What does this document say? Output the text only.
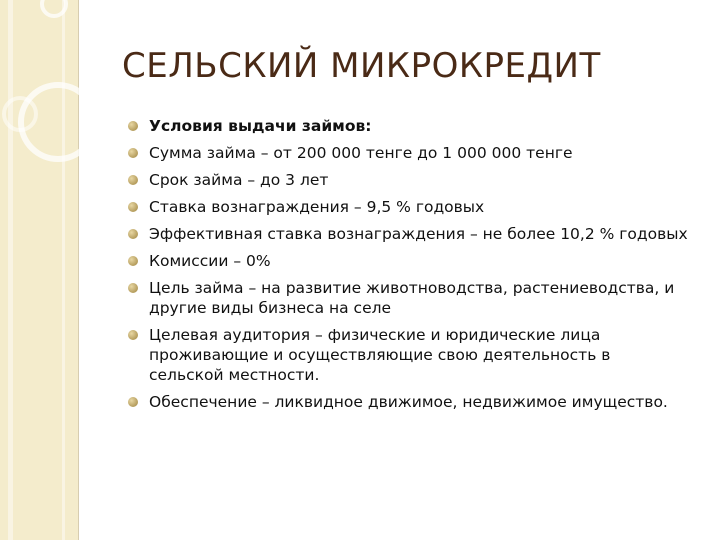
СЕЛЬСКИЙ МИКРОКРЕДИТ
Условия выдачи займов:
Сумма займа – от 200 000 тенге до 1 000 000 тенге
Срок займа – до 3 лет
Ставка вознаграждения – 9,5 % годовых
Эффективная ставка вознаграждения – не более 10,2 % годовых
Комиссии – 0%
Цель займа – на развитие животноводства, растениеводства, и другие виды бизнеса на селе
Целевая аудитория – физические и юридические лица проживающие и осуществляющие свою деятельность в сельской местности.
Обеспечение – ликвидное движимое, недвижимое имущество.
